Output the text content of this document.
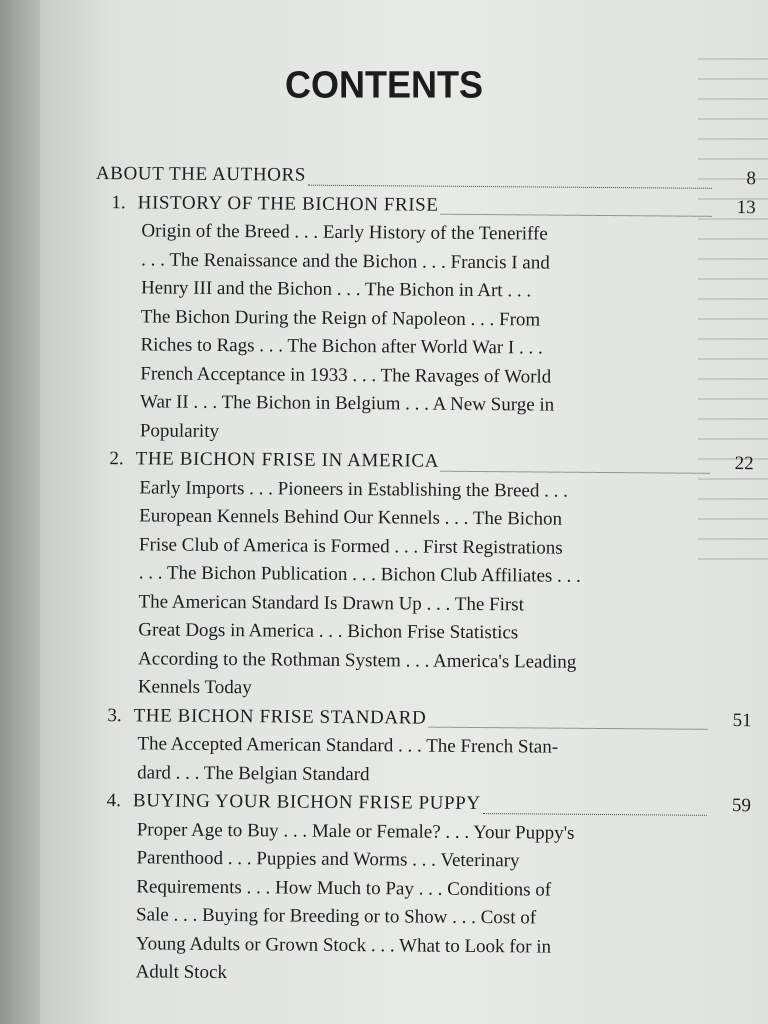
CONTENTS
ABOUT THE AUTHORS	8
1. HISTORY OF THE BICHON FRISE	13
Origin of the Breed . . . Early History of the Teneriffe
. . . The Renaissance and the Bichon . . . Francis I and
Henry III and the Bichon . . . The Bichon in Art . . .
The Bichon During the Reign of Napoleon . . . From
Riches to Rags . . . The Bichon after World War I . . .
French Acceptance in 1933 . . . The Ravages of World
War II . . . The Bichon in Belgium . . . A New Surge in
Popularity
2. THE BICHON FRISE IN AMERICA	22
Early Imports . . . Pioneers in Establishing the Breed . . .
European Kennels Behind Our Kennels . . . The Bichon
Frise Club of America is Formed . . . First Registrations
. . . The Bichon Publication . . . Bichon Club Affiliates . . .
The American Standard Is Drawn Up . . . The First
Great Dogs in America . . . Bichon Frise Statistics
According to the Rothman System . . . America's Leading
Kennels Today
3. THE BICHON FRISE STANDARD	51
The Accepted American Standard . . . The French Stan-
dard . . . The Belgian Standard
4. BUYING YOUR BICHON FRISE PUPPY	59
Proper Age to Buy . . . Male or Female? . . . Your Puppy's
Parenthood . . . Puppies and Worms . . . Veterinary
Requirements . . . How Much to Pay . . . Conditions of
Sale . . . Buying for Breeding or to Show . . . Cost of
Young Adults or Grown Stock . . . What to Look for in
Adult Stock
